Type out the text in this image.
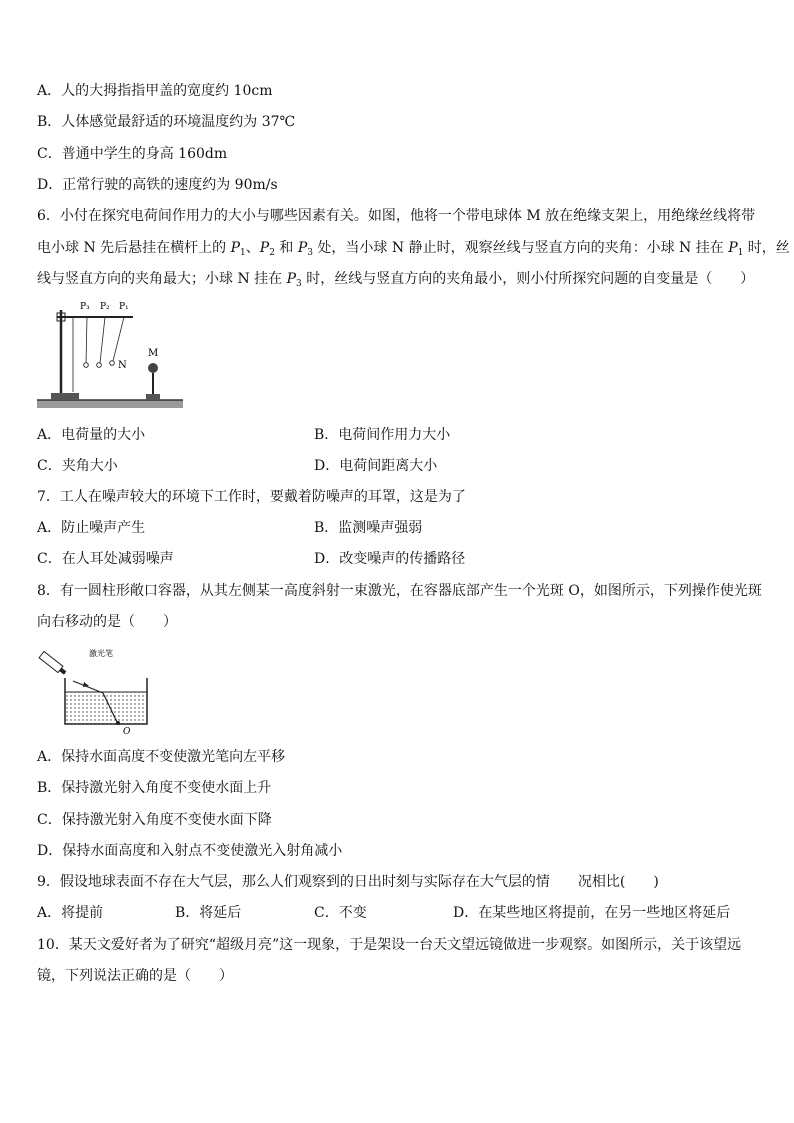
A．人的大拇指指甲盖的宽度约 10cm
B．人体感觉最舒适的环境温度约为 37℃
C．普通中学生的身高 160dm
D．正常行驶的高铁的速度约为 90m/s
6．小付在探究电荷间作用力的大小与哪些因素有关。如图，他将一个带电球体 M 放在绝缘支架上，用绝缘丝线将带
电小球 N 先后悬挂在横杆上的 $P_1$、$P_2$ 和 $P_3$ 处，当小球 N 静止时，观察丝线与竖直方向的夹角：小球 N 挂在 $P_1$ 时，丝
线与竖直方向的夹角最大；小球 N 挂在 $P_3$ 时，丝线与竖直方向的夹角最小，则小付所探究问题的自变量是（　　）
P₃ P₂ P₁
N
M
A．电荷量的大小	B．电荷间作用力大小
C．夹角大小	D．电荷间距离大小
7．工人在噪声较大的环境下工作时，要戴着防噪声的耳罩，这是为了
A．防止噪声产生	B．监测噪声强弱
C．在人耳处减弱噪声	D．改变噪声的传播路径
8．有一圆柱形敞口容器，从其左侧某一高度斜射一束激光，在容器底部产生一个光斑 O，如图所示，下列操作使光斑
向右移动的是（　　）
激光笔
O
A．保持水面高度不变使激光笔向左平移
B．保持激光射入角度不变使水面上升
C．保持激光射入角度不变使水面下降
D．保持水面高度和入射点不变使激光入射角减小
9．假设地球表面不存在大气层，那么人们观察到的日出时刻与实际存在大气层的情　　况相比(　　)
A．将提前	B．将延后	C．不变	D．在某些地区将提前，在另一些地区将延后
10．某天文爱好者为了研究“超级月亮”这一现象，于是架设一台天文望远镜做进一步观察。如图所示，关于该望远
镜，下列说法正确的是（　　）
